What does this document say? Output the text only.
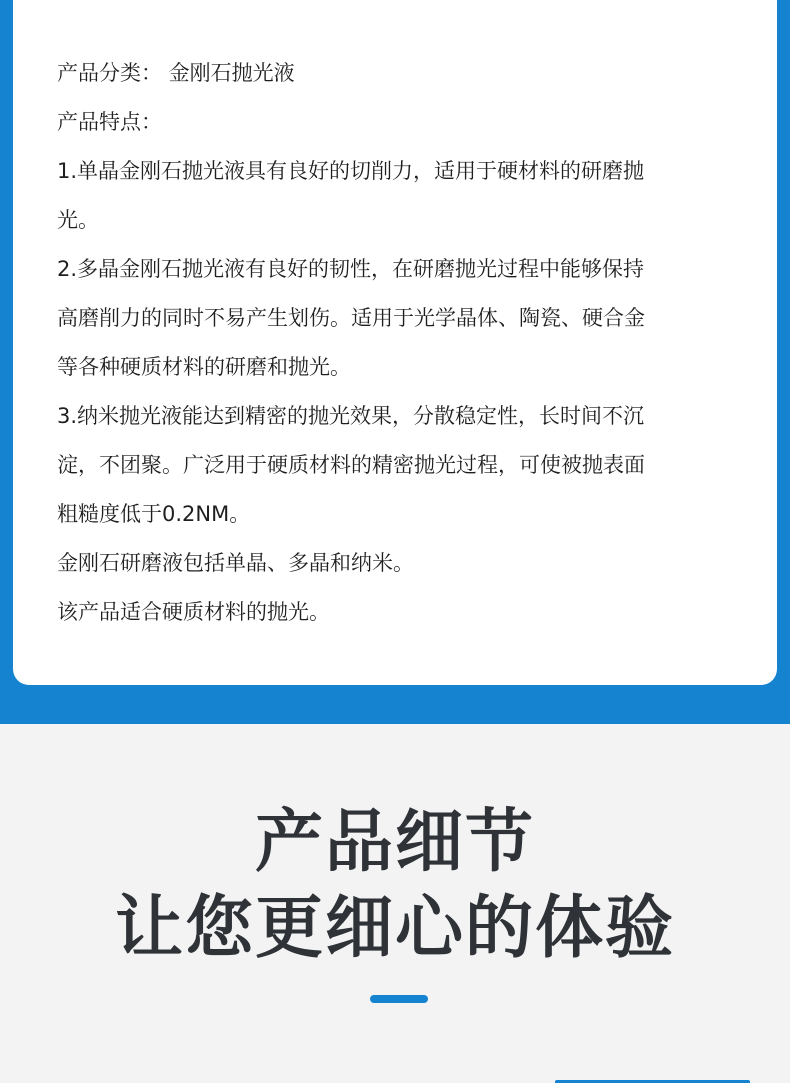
产品分类： 金刚石抛光液
产品特点：
1.单晶金刚石抛光液具有良好的切削力，适用于硬材料的研磨抛
光。
2.多晶金刚石抛光液有良好的韧性，在研磨抛光过程中能够保持
高磨削力的同时不易产生划伤。适用于光学晶体、陶瓷、硬合金
等各种硬质材料的研磨和抛光。
3.纳米抛光液能达到精密的抛光效果，分散稳定性，长时间不沉
淀，不团聚。广泛用于硬质材料的精密抛光过程，可使被抛表面
粗糙度低于0.2NM。
金刚石研磨液包括单晶、多晶和纳米。
该产品适合硬质材料的抛光。
产品细节
让您更细心的体验
